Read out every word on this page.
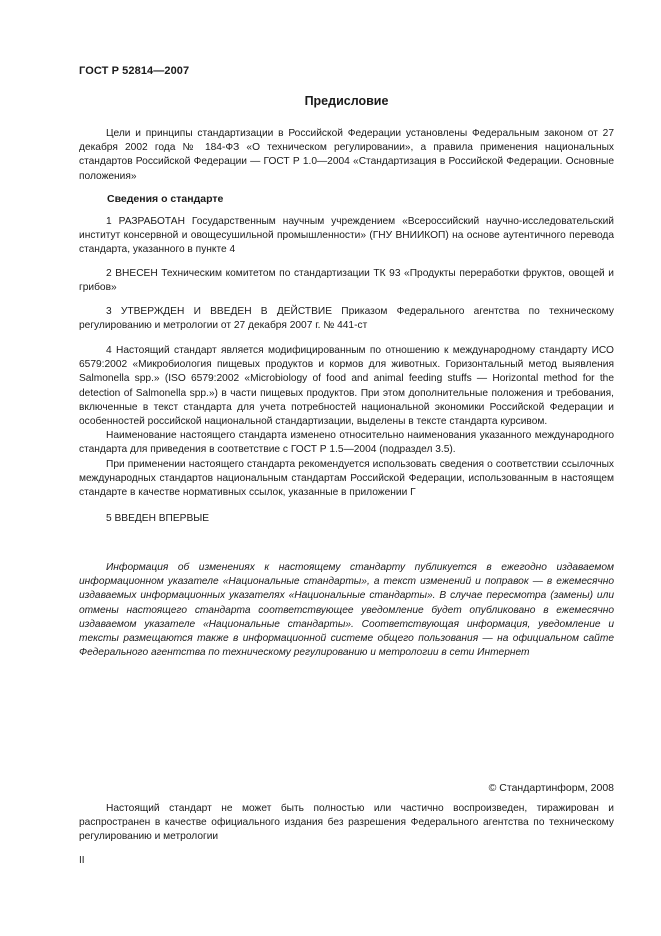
ГОСТ Р 52814—2007
Предисловие

Цели и принципы стандартизации в Российской Федерации установлены Федеральным законом от 27 декабря 2002 года № 184-ФЗ «О техническом регулировании», а правила применения национальных стандартов Российской Федерации — ГОСТ Р 1.0—2004 «Стандартизация в Российской Федерации. Основные положения»

Сведения о стандарте

1 РАЗРАБОТАН Государственным научным учреждением «Всероссийский научно-исследовательский институт консервной и овощесушильной промышленности» (ГНУ ВНИИКОП) на основе аутентичного перевода стандарта, указанного в пункте 4

2 ВНЕСЕН Техническим комитетом по стандартизации ТК 93 «Продукты переработки фруктов, овощей и грибов»

3 УТВЕРЖДЕН И ВВЕДЕН В ДЕЙСТВИЕ Приказом Федерального агентства по техническому регулированию и метрологии от 27 декабря 2007 г. № 441-ст

4 Настоящий стандарт является модифицированным по отношению к международному стандарту ИСО 6579:2002 «Микробиология пищевых продуктов и кормов для животных. Горизонтальный метод выявления Salmonella spp.» (ISO 6579:2002 «Microbiology of food and animal feeding stuffs — Horizontal method for the detection of Salmonella spp.») в части пищевых продуктов. При этом дополнительные положения и требования, включенные в текст стандарта для учета потребностей национальной экономики Российской Федерации и особенностей российской национальной стандартизации, выделены в тексте стандарта курсивом.

Наименование настоящего стандарта изменено относительно наименования указанного международного стандарта для приведения в соответствие с ГОСТ Р 1.5—2004 (подраздел 3.5).

При применении настоящего стандарта рекомендуется использовать сведения о соответствии ссылочных международных стандартов национальным стандартам Российской Федерации, использованным в настоящем стандарте в качестве нормативных ссылок, указанные в приложении Г

5 ВВЕДЕН ВПЕРВЫЕ

Информация об изменениях к настоящему стандарту публикуется в ежегодно издаваемом информационном указателе «Национальные стандарты», а текст изменений и поправок — в ежемесячно издаваемых информационных указателях «Национальные стандарты». В случае пересмотра (замены) или отмены настоящего стандарта соответствующее уведомление будет опубликовано в ежемесячно издаваемом указателе «Национальные стандарты». Соответствующая информация, уведомление и тексты размещаются также в информационной системе общего пользования — на официальном сайте Федерального агентства по техническому регулированию и метрологии в сети Интернет

© Стандартинформ, 2008

Настоящий стандарт не может быть полностью или частично воспроизведен, тиражирован и распространен в качестве официального издания без разрешения Федерального агентства по техническому регулированию и метрологии

II
